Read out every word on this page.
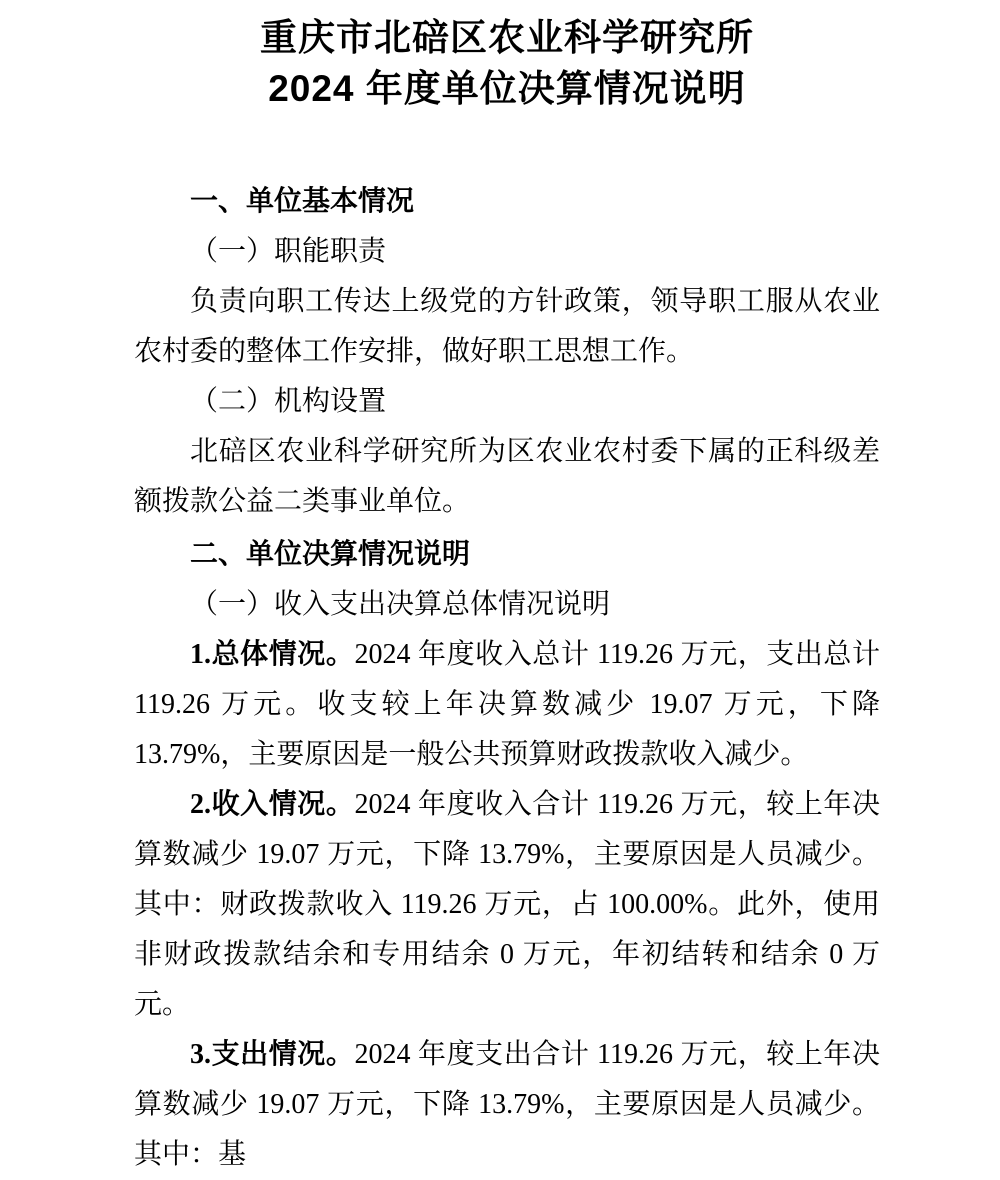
重庆市北碚区农业科学研究所

2024 年度单位决算情况说明

一、单位基本情况

（一）职能职责

负责向职工传达上级党的方针政策，领导职工服从农业农村委的整体工作安排，做好职工思想工作。

（二）机构设置

北碚区农业科学研究所为区农业农村委下属的正科级差额拨款公益二类事业单位。

二、单位决算情况说明

（一）收入支出决算总体情况说明

1.总体情况。2024 年度收入总计 119.26 万元，支出总计 119.26 万元。收支较上年决算数减少 19.07 万元，下降 13.79%，主要原因是一般公共预算财政拨款收入减少。

2.收入情况。2024 年度收入合计 119.26 万元，较上年决算数减少 19.07 万元，下降 13.79%，主要原因是人员减少。其中：财政拨款收入 119.26 万元，占 100.00%。此外，使用非财政拨款结余和专用结余 0 万元，年初结转和结余 0 万元。

3.支出情况。2024 年度支出合计 119.26 万元，较上年决算数减少 19.07 万元，下降 13.79%，主要原因是人员减少。其中：基
